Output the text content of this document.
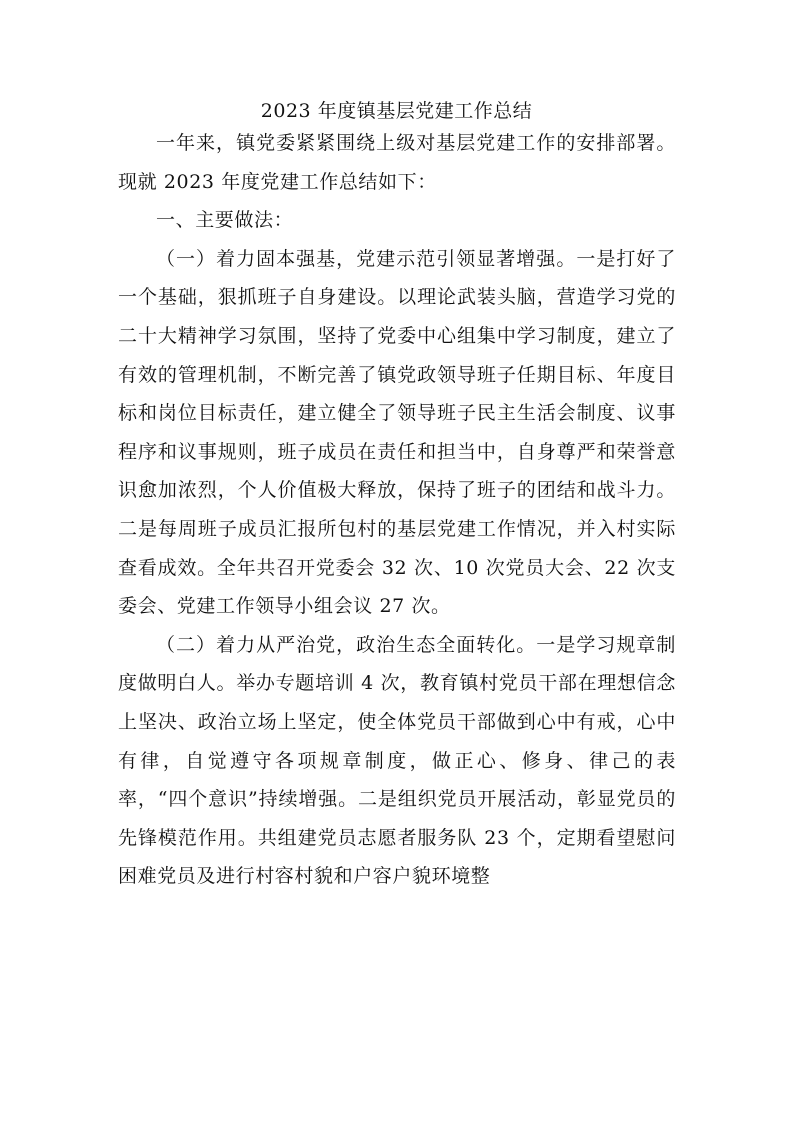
2023 年度镇基层党建工作总结

一年来，镇党委紧紧围绕上级对基层党建工作的安排部署。现就 2023 年度党建工作总结如下：

一、主要做法：

（一）着力固本强基，党建示范引领显著增强。一是打好了一个基础，狠抓班子自身建设。以理论武装头脑，营造学习党的二十大精神学习氛围，坚持了党委中心组集中学习制度，建立了有效的管理机制，不断完善了镇党政领导班子任期目标、年度目标和岗位目标责任，建立健全了领导班子民主生活会制度、议事程序和议事规则，班子成员在责任和担当中，自身尊严和荣誉意识愈加浓烈，个人价值极大释放，保持了班子的团结和战斗力。二是每周班子成员汇报所包村的基层党建工作情况，并入村实际查看成效。全年共召开党委会 32 次、10 次党员大会、22 次支委会、党建工作领导小组会议 27 次。

（二）着力从严治党，政治生态全面转化。一是学习规章制度做明白人。举办专题培训 4 次，教育镇村党员干部在理想信念上坚决、政治立场上坚定，使全体党员干部做到心中有戒，心中有律，自觉遵守各项规章制度，做正心、修身、律己的表率，“四个意识”持续增强。二是组织党员开展活动，彰显党员的先锋模范作用。共组建党员志愿者服务队 23 个，定期看望慰问困难党员及进行村容村貌和户容户貌环境整
